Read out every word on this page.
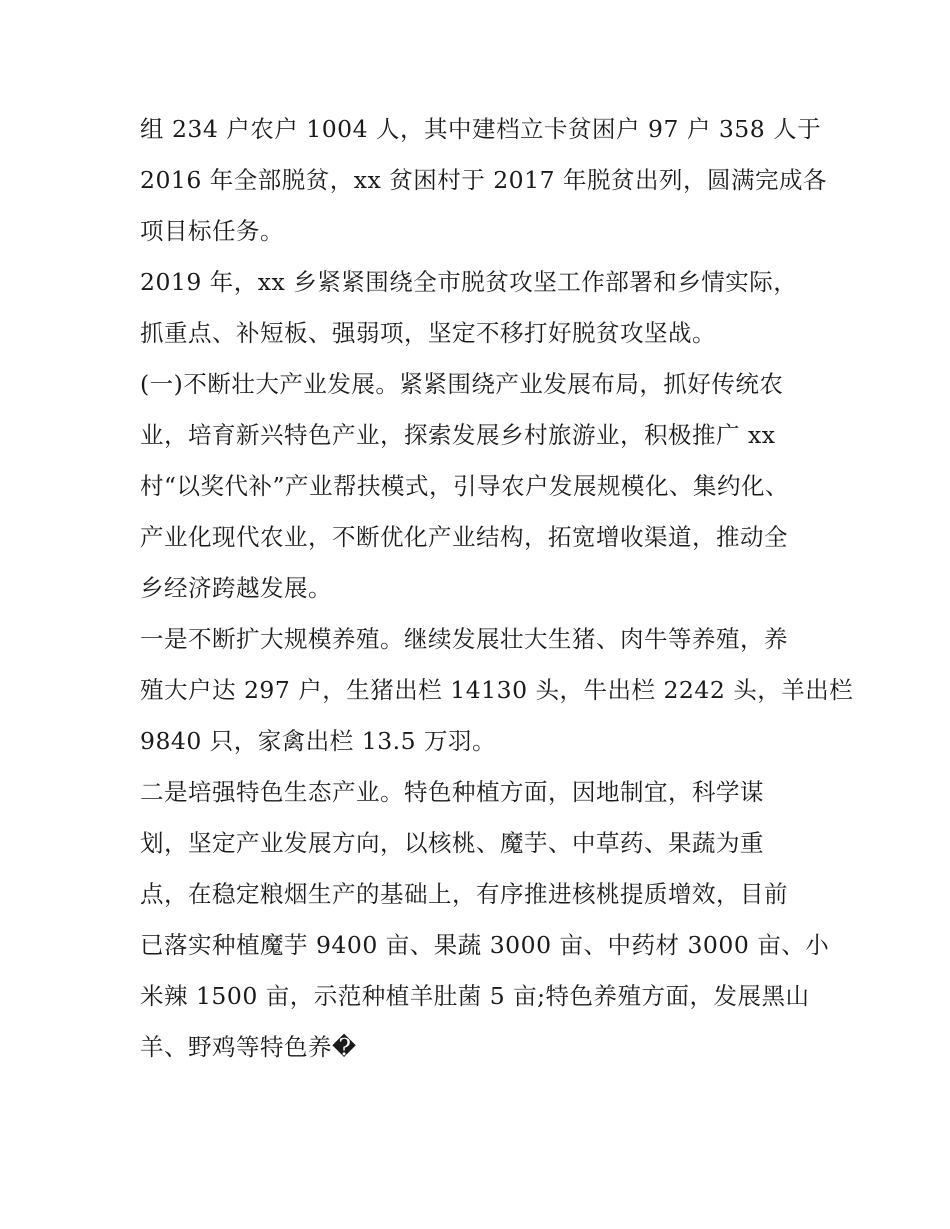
组 234 户农户 1004 人，其中建档立卡贫困户 97 户 358 人于
2016 年全部脱贫，xx 贫困村于 2017 年脱贫出列，圆满完成各
项目标任务。
2019 年，xx 乡紧紧围绕全市脱贫攻坚工作部署和乡情实际，
抓重点、补短板、强弱项，坚定不移打好脱贫攻坚战。
(一)不断壮大产业发展。紧紧围绕产业发展布局，抓好传统农
业，培育新兴特色产业，探索发展乡村旅游业，积极推广 xx
村“以奖代补”产业帮扶模式，引导农户发展规模化、集约化、
产业化现代农业，不断优化产业结构，拓宽增收渠道，推动全
乡经济跨越发展。
一是不断扩大规模养殖。继续发展壮大生猪、肉牛等养殖，养
殖大户达 297 户，生猪出栏 14130 头，牛出栏 2242 头，羊出栏
9840 只，家禽出栏 13.5 万羽。
二是培强特色生态产业。特色种植方面，因地制宜，科学谋
划，坚定产业发展方向，以核桃、魔芋、中草药、果蔬为重
点，在稳定粮烟生产的基础上，有序推进核桃提质增效，目前
已落实种植魔芋 9400 亩、果蔬 3000 亩、中药材 3000 亩、小
米辣 1500 亩，示范种植羊肚菌 5 亩;特色养殖方面，发展黑山
羊、野鸡等特色养�
